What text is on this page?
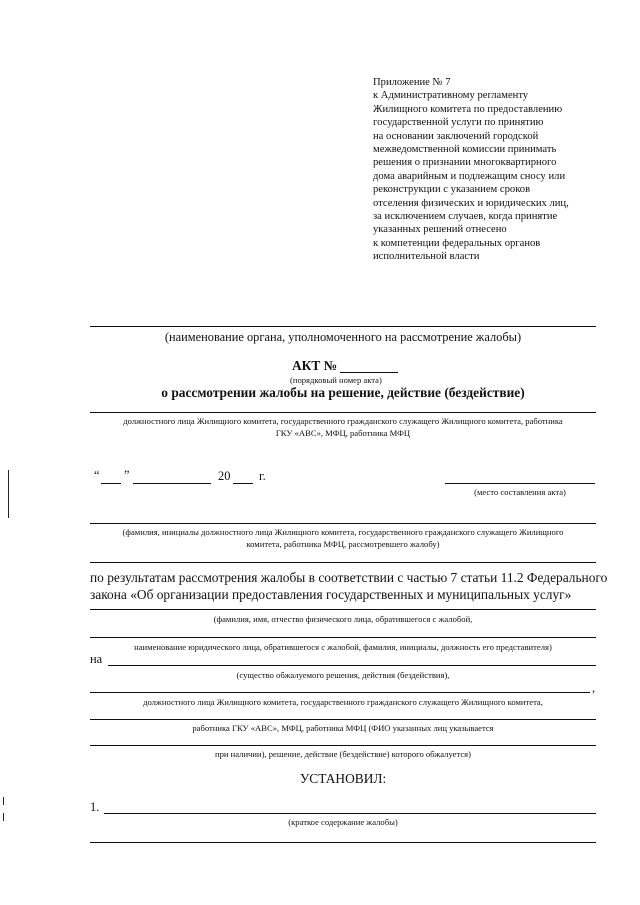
Приложение № 7
к Административному регламенту
Жилищного комитета по предоставлению
государственной услуги по принятию
на основании заключений городской
межведомственной комиссии принимать
решения о признании многоквартирного
дома аварийным и подлежащим сносу или
реконструкции с указанием сроков
отселения физических и юридических лиц,
за исключением случаев, когда принятие
указанных решений отнесено
к компетенции федеральных органов
исполнительной власти
(наименование органа, уполномоченного на рассмотрение жалобы)
АКТ №
(порядковый номер акта)
о рассмотрении жалобы на решение, действие (бездействие)
должностного лица Жилищного комитета, государственного гражданского служащего Жилищного комитета, работника
ГКУ «АВС», МФЦ, работника МФЦ
“ ”	20 г.
(место составления акта)
(фамилия, инициалы должностного лица Жилищного комитета, государственного гражданского служащего Жилищного
комитета, работника МФЦ, рассмотревшего жалобу)
по результатам рассмотрения жалобы в соответствии с частью 7 статьи 11.2 Федерального
закона «Об организации предоставления государственных и муниципальных услуг»
(фамилия, имя, отчество физического лица, обратившегося с жалобой,
наименование юридического лица, обратившегося с жалобой, фамилия, инициалы, должность его представителя)
на
(существо обжалуемого решения, действия (бездействия),
,
должностного лица Жилищного комитета, государственного гражданского служащего Жилищного комитета,
работника ГКУ «АВС», МФЦ, работника МФЦ (ФИО указанных лиц указывается
при наличии), решение, действие (бездействие) которого обжалуется)
УСТАНОВИЛ:
1.
(краткое содержание жалобы)
